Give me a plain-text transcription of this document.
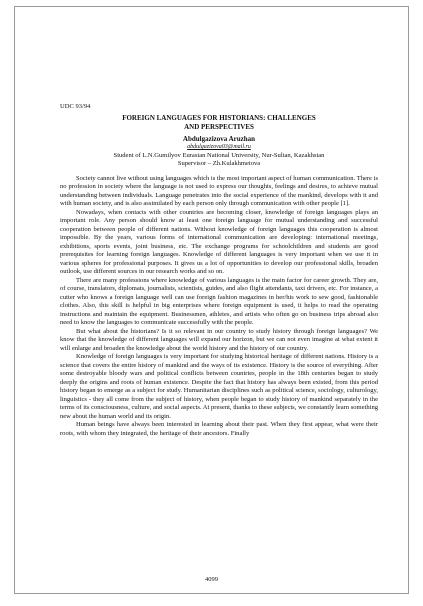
UDC 93/94

FOREIGN LANGUAGES FOR HISTORIANS: CHALLENGES
AND PERSPECTIVES

Abdulgazizova Aruzhan

abdulgazizova03@mail.ru

Student of L.N.Gumilyov Eurasian National University, Nur-Sultan, Kazakhstan

Supervisor – Zh.Kulakhmetova

Society cannot live without using languages which is the most important aspect of human communication. There is no profession in society where the language is not used to express our thoughts, feelings and desires, to achieve mutual understanding between individuals. Language penetrates into the social experience of the mankind, develops with it and with human society, and is also assimilated by each person only through communication with other people [1].

Nowadays, when contacts with other countries are becoming closer, knowledge of foreign languages plays an important role. Any person should know at least one foreign language for mutual understanding and successful cooperation between people of different nations. Without knowledge of foreign languages this cooperation is almost impossible. By the years, various forms of international communication are developing: international meetings, exhibitions, sports events, joint business, etc. The exchange programs for schoolchildren and students are good prerequisites for learning foreign languages. Knowledge of different languages is very important when we use it in various spheres for professional purposes. It gives us a lot of opportunities to develop our professional skills, broaden outlook, use different sources in our research works and so on.

There are many professions where knowledge of various languages is the main factor for career growth. They are, of course, translators, diplomats, journalists, scientists, guides, and also flight attendants, taxi drivers, etc. For instance, a cutter who knows a foreign language well can use foreign fashion magazines in her/his work to sew good, fashionable clothes. Also, this skill is helpful in big enterprises where foreign equipment is used, it helps to read the operating instructions and maintain the equipment. Businessmen, athletes, and artists who often go on business trips abroad also need to know the languages to communicate successfully with the people.

But what about the historians? Is it so relevant in our country to study history through foreign languages? We know that the knowledge of different languages will expand our horizon, but we can not even imagine at what extent it will enlarge and broaden the knowledge about the world history and the history of our country.

Knowledge of foreign languages is very important for studying historical heritage of different nations. History is a science that covers the entire history of mankind and the ways of its existence. History is the source of everything. After some destroyable bloody wars and political conflicts between countries, people in the 18th centuries began to study deeply the origins and roots of human existence. Despite the fact that history has always been existed, from this period history began to emerge as a subject for study. Humanitarian disciplines such as political science, sociology, culturology, linguistics - they all come from the subject of history, when people began to study history of mankind separately in the terms of its consciousness, culture, and social aspects. At present, thanks to these subjects, we constantly learn something new about the human world and its origin.

Human beings have always been interested in learning about their past. When they first appear, what were their roots, with whom they integrated, the heritage of their ancestors. Finally

4099
